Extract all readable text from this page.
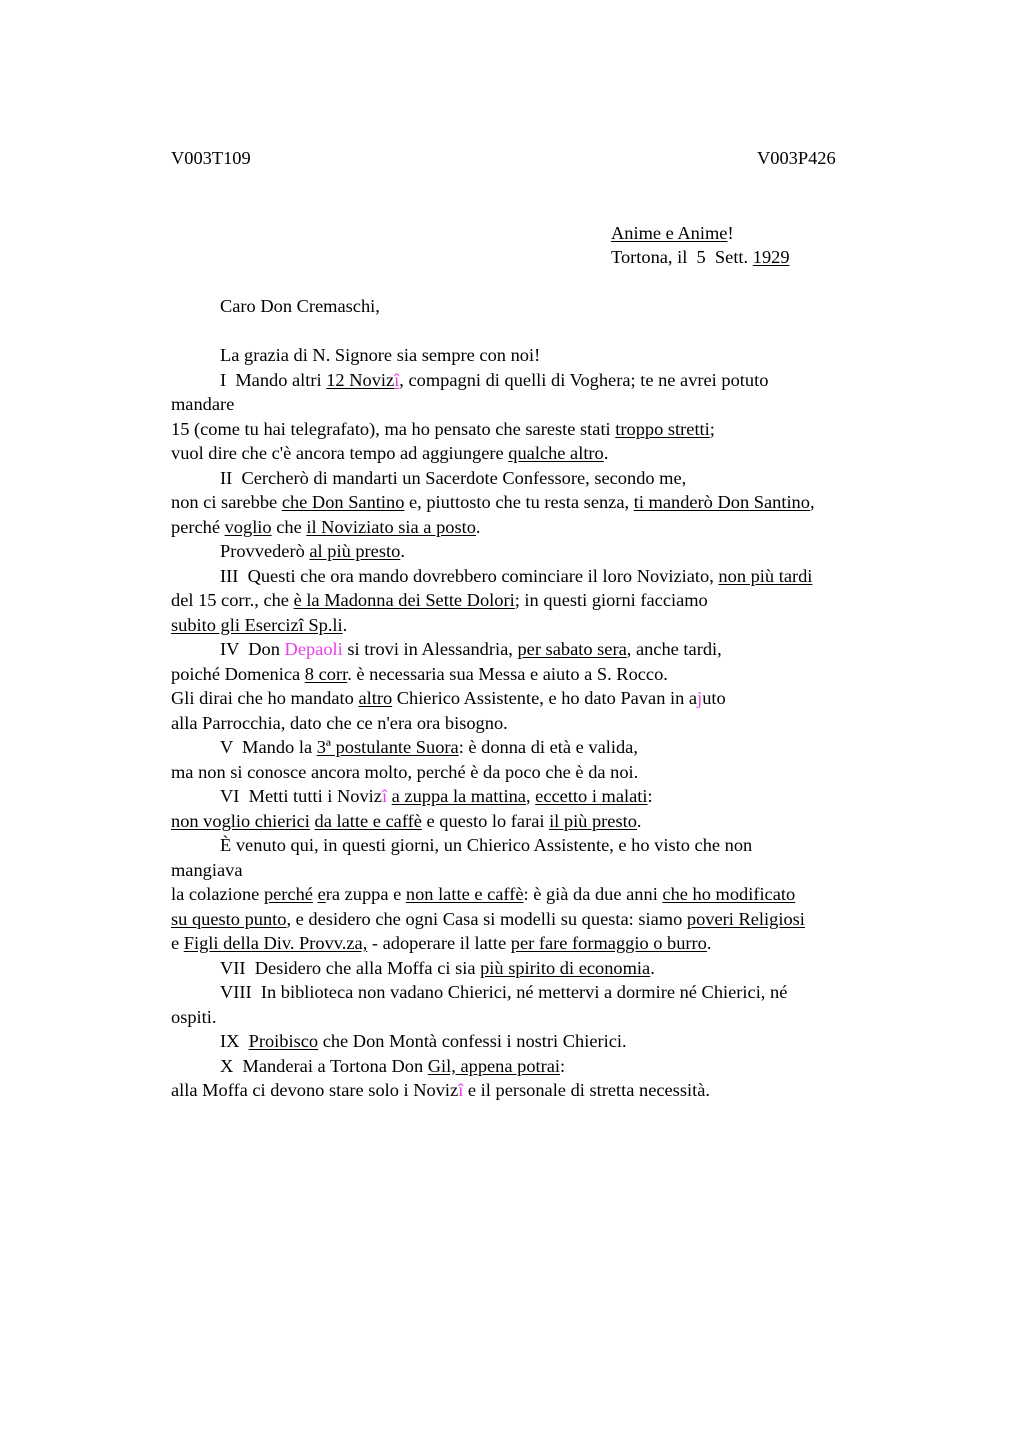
V003T109	V003P426
Anime e Anime!
Tortona, il  5  Sett. 1929
Caro Don Cremaschi,
La grazia di N. Signore sia sempre con noi!
I  Mando altri 12 Novizî, compagni di quelli di Voghera; te ne avrei potuto
mandare
15 (come tu hai telegrafato), ma ho pensato che sareste stati troppo stretti;
vuol dire che c'è ancora tempo ad aggiungere qualche altro.
II  Cercherò di mandarti un Sacerdote Confessore, secondo me,
non ci sarebbe che Don Santino e, piuttosto che tu resta senza, ti manderò Don Santino,
perché voglio che il Noviziato sia a posto.
Provvederò al più presto.
III  Questi che ora mando dovrebbero cominciare il loro Noviziato, non più tardi
del 15 corr., che è la Madonna dei Sette Dolori; in questi giorni facciamo
subito gli Esercizî Sp.li.
IV  Don Depaoli si trovi in Alessandria, per sabato sera, anche tardi,
poiché Domenica 8 corr. è necessaria sua Messa e aiuto a S. Rocco.
Gli dirai che ho mandato altro Chierico Assistente, e ho dato Pavan in ajuto
alla Parrocchia, dato che ce n'era ora bisogno.
V  Mando la 3ª postulante Suora: è donna di età e valida,
ma non si conosce ancora molto, perché è da poco che è da noi.
VI  Metti tutti i Novizî a zuppa la mattina, eccetto i malati:
non voglio chierici da latte e caffè e questo lo farai il più presto.
È venuto qui, in questi giorni, un Chierico Assistente, e ho visto che non
mangiava
la colazione perché era zuppa e non latte e caffè: è già da due anni che ho modificato
su questo punto, e desidero che ogni Casa si modelli su questa: siamo poveri Religiosi
e Figli della Div. Provv.za, - adoperare il latte per fare formaggio o burro.
VII  Desidero che alla Moffa ci sia più spirito di economia.
VIII  In biblioteca non vadano Chierici, né mettervi a dormire né Chierici, né
ospiti.
IX  Proibisco che Don Montà confessi i nostri Chierici.
X  Manderai a Tortona Don Gil, appena potrai:
alla Moffa ci devono stare solo i Novizî e il personale di stretta necessità.
